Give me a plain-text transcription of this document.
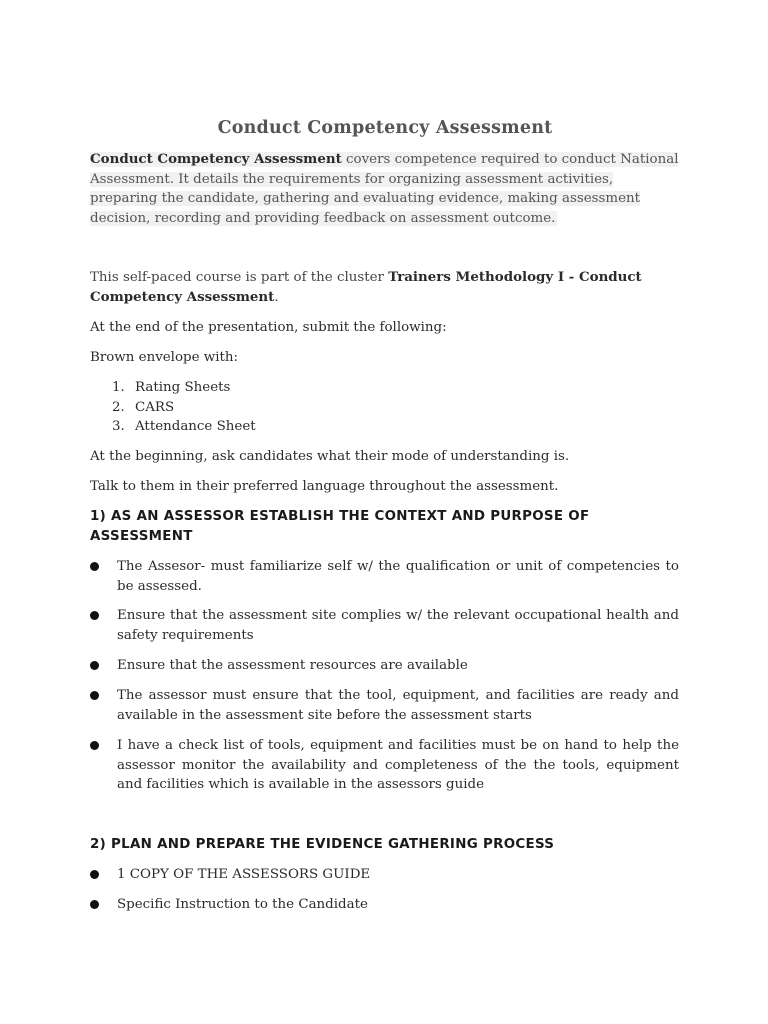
Conduct Competency Assessment
Conduct Competency Assessment covers competence required to conduct National Assessment. It details the requirements for organizing assessment activities, preparing the candidate, gathering and evaluating evidence, making assessment decision, recording and providing feedback on assessment outcome.
This self-paced course is part of the cluster Trainers Methodology I - Conduct Competency Assessment.
At the end of the presentation, submit the following:
Brown envelope with:
1. Rating Sheets
2. CARS
3. Attendance Sheet
At the beginning, ask candidates what their mode of understanding is.
Talk to them in their preferred language throughout the assessment.
1) AS AN ASSESSOR ESTABLISH THE CONTEXT AND PURPOSE OF ASSESSMENT
The Assesor- must familiarize self w/ the qualification or unit of competencies to be assessed.
Ensure that the assessment site complies w/ the relevant occupational health and safety requirements
Ensure that the assessment resources are available
The assessor must ensure that the tool, equipment, and facilities are ready and available in the assessment site before the assessment starts
I have a check list of tools, equipment and facilities must be on hand to help the assessor monitor the availability and completeness of the the tools, equipment and facilities which is available in the assessors guide
2) PLAN AND PREPARE THE EVIDENCE GATHERING PROCESS
1 COPY OF THE ASSESSORS GUIDE
Specific Instruction to the Candidate
